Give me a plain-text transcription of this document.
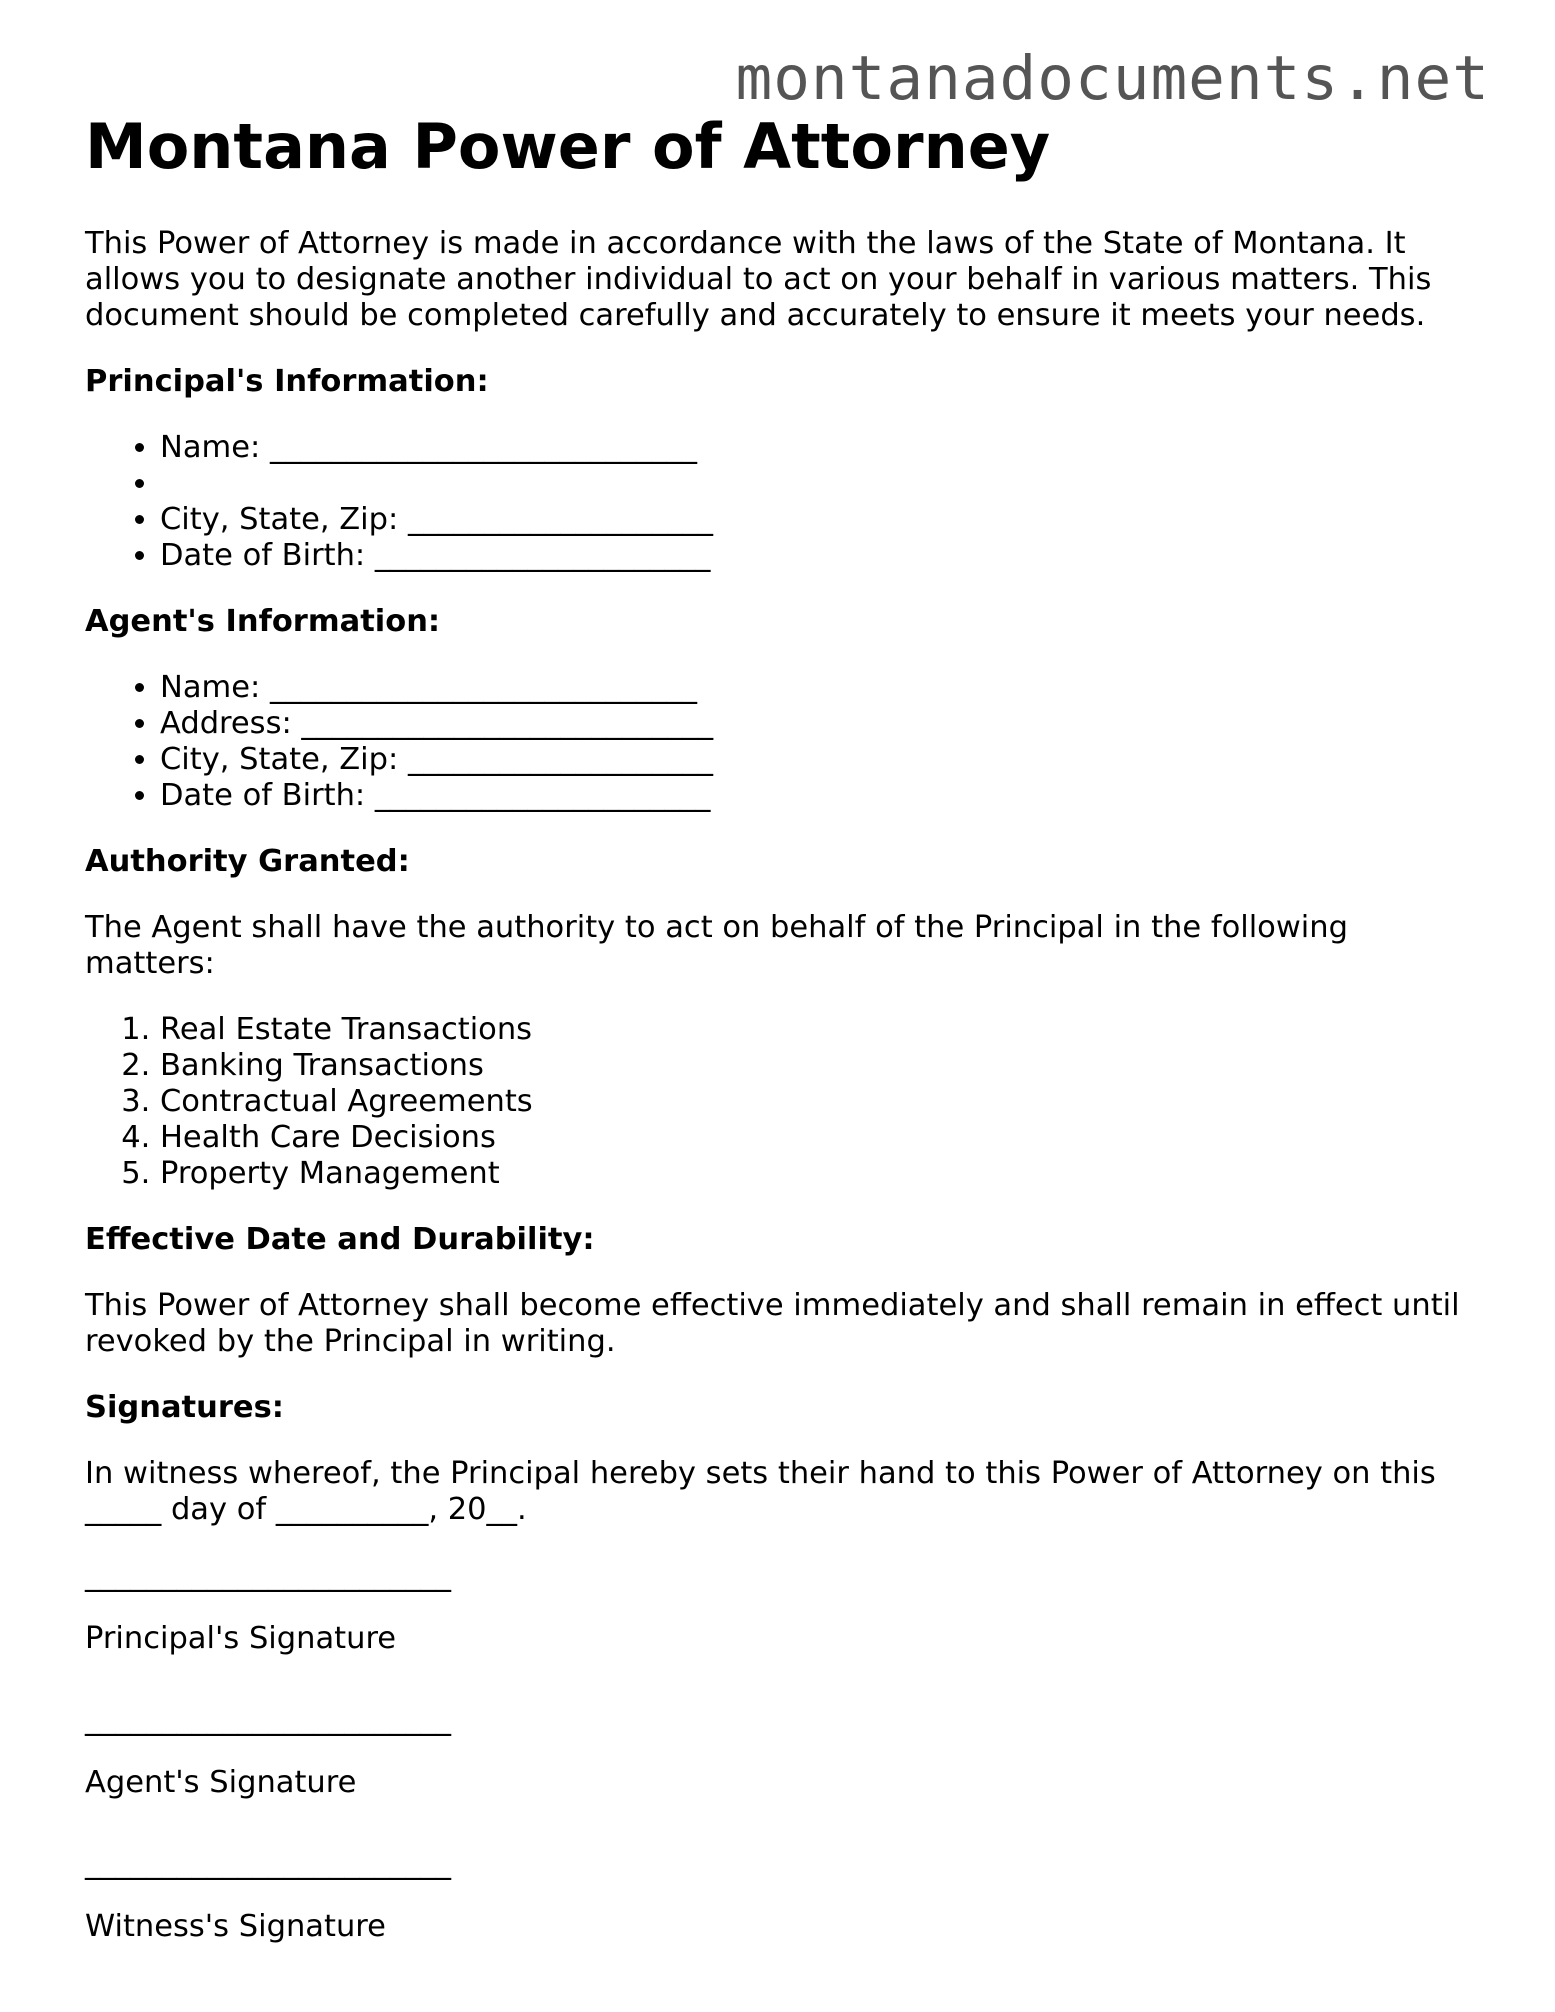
montanadocuments.net
Montana Power of Attorney

This Power of Attorney is made in accordance with the laws of the State of Montana. It allows you to designate another individual to act on your behalf in various matters. This document should be completed carefully and accurately to ensure it meets your needs.

Principal's Information:
• Name: ____________________________
•
• City, State, Zip: ____________________
• Date of Birth: ______________________
Agent's Information:
• Name: ____________________________
• Address: ___________________________
• City, State, Zip: ____________________
• Date of Birth: ______________________
Authority Granted:

The Agent shall have the authority to act on behalf of the Principal in the following matters:

1. Real Estate Transactions
2. Banking Transactions
3. Contractual Agreements
4. Health Care Decisions
5. Property Management
Effective Date and Durability:

This Power of Attorney shall become effective immediately and shall remain in effect until revoked by the Principal in writing.

Signatures:

In witness whereof, the Principal hereby sets their hand to this Power of Attorney on this _____ day of __________, 20__.

________________________
Principal's Signature
________________________
Agent's Signature
________________________
Witness's Signature
